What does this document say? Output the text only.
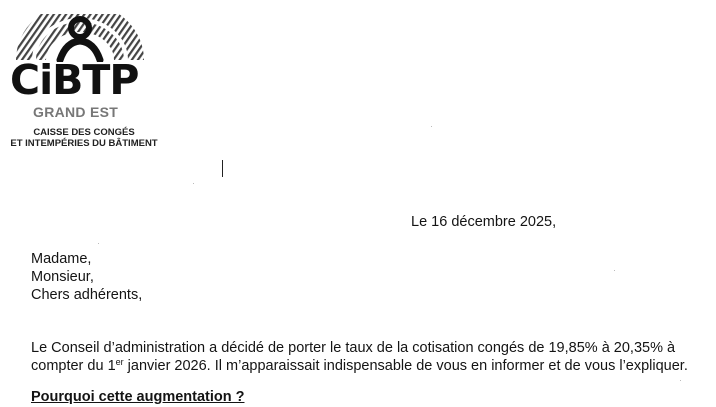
CiBTP
GRAND EST
CAISSE DES CONGÉS
ET INTEMPÉRIES DU BÂTIMENT
Le 16 décembre 2025,
Madame,
Monsieur,
Chers adhérents,
Le Conseil d’administration a décidé de porter le taux de la cotisation congés de 19,85% à 20,35% à
compter du 1er janvier 2026. Il m’apparaissait indispensable de vous en informer et de vous l’expliquer.
Pourquoi cette augmentation ?
